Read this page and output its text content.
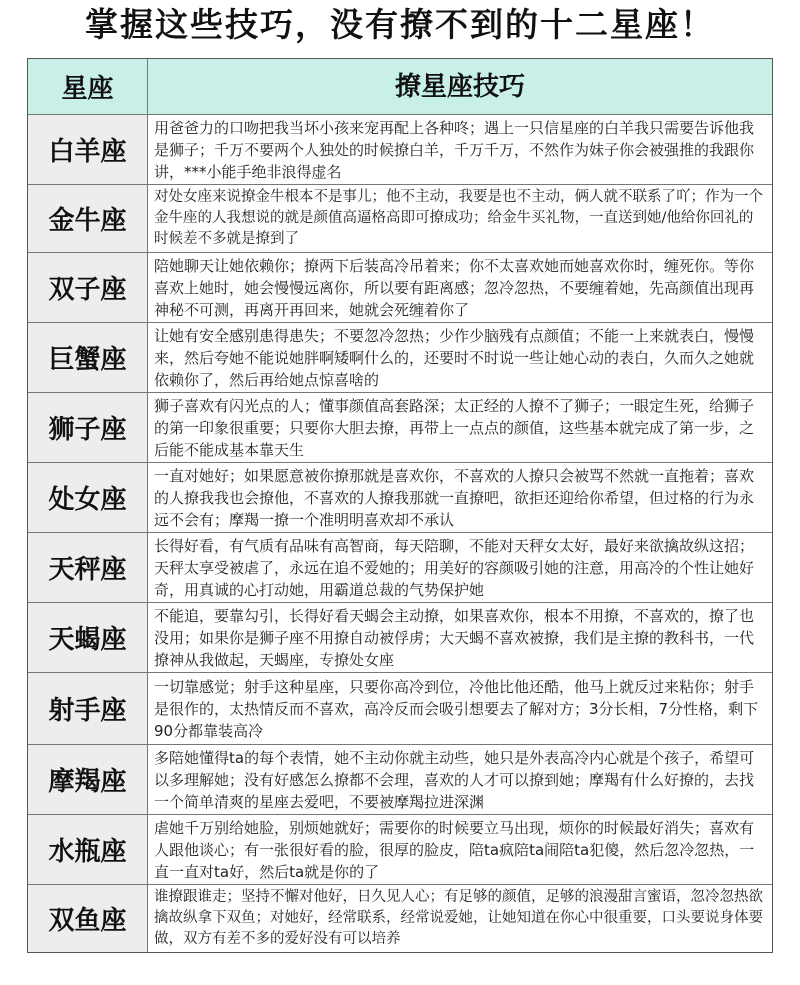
掌握这些技巧，没有撩不到的十二星座！
星座	撩星座技巧
白羊座
用爸爸力的口吻把我当坏小孩来宠再配上各种咚；遇上一只信星座的白羊我只需要告诉他我是狮子；千万不要两个人独处的时候撩白羊，千万千万，不然作为妹子你会被强推的我跟你讲，***小能手绝非浪得虚名
金牛座
对处女座来说撩金牛根本不是事儿；他不主动，我要是也不主动，俩人就不联系了吖；作为一个金牛座的人我想说的就是颜值高逼格高即可撩成功；给金牛买礼物，一直送到她/他给你回礼的时候差不多就是撩到了
双子座
陪她聊天让她依赖你；撩两下后装高冷吊着来；你不太喜欢她而她喜欢你时，缠死你。等你喜欢上她时，她会慢慢远离你，所以要有距离感；忽冷忽热，不要缠着她，先高颜值出现再神秘不可测，再离开再回来，她就会死缠着你了
巨蟹座
让她有安全感别患得患失；不要忽冷忽热；少作少脑残有点颜值；不能一上来就表白，慢慢来，然后夸她不能说她胖啊矮啊什么的，还要时不时说一些让她心动的表白，久而久之她就依赖你了，然后再给她点惊喜啥的
狮子座
狮子喜欢有闪光点的人；懂事颜值高套路深；太正经的人撩不了狮子；一眼定生死，给狮子的第一印象很重要；只要你大胆去撩，再带上一点点的颜值，这些基本就完成了第一步，之后能不能成基本靠天生
处女座
一直对她好；如果愿意被你撩那就是喜欢你，不喜欢的人撩只会被骂不然就一直拖着；喜欢的人撩我我也会撩他，不喜欢的人撩我那就一直撩吧，欲拒还迎给你希望，但过格的行为永远不会有；摩羯一撩一个准明明喜欢却不承认
天秤座
长得好看，有气质有品味有高智商，每天陪聊，不能对天秤女太好，最好来欲擒故纵这招；天秤太享受被虐了，永远在追不爱她的；用美好的容颜吸引她的注意，用高冷的个性让她好奇，用真诚的心打动她，用霸道总裁的气势保护她
天蝎座
不能追，要靠勾引，长得好看天蝎会主动撩，如果喜欢你，根本不用撩，不喜欢的，撩了也没用；如果你是狮子座不用撩自动被俘虏；大天蝎不喜欢被撩，我们是主撩的教科书，一代撩神从我做起，天蝎座，专撩处女座
射手座
一切靠感觉；射手这种星座，只要你高冷到位，冷他比他还酷，他马上就反过来粘你；射手是很作的，太热情反而不喜欢，高冷反而会吸引想要去了解对方；3分长相，7分性格，剩下90分都靠装高冷
摩羯座
多陪她懂得ta的每个表情，她不主动你就主动些，她只是外表高冷内心就是个孩子，希望可以多理解她；没有好感怎么撩都不会理，喜欢的人才可以撩到她；摩羯有什么好撩的，去找一个简单清爽的星座去爱吧，不要被摩羯拉进深渊
水瓶座
虐她千万别给她脸，别烦她就好；需要你的时候要立马出现，烦你的时候最好消失；喜欢有人跟他谈心；有一张很好看的脸，很厚的脸皮，陪ta疯陪ta闹陪ta犯傻，然后忽冷忽热，一直一直对ta好，然后ta就是你的了
双鱼座
谁撩跟谁走；坚持不懈对他好，日久见人心；有足够的颜值，足够的浪漫甜言蜜语，忽冷忽热欲擒故纵拿下双鱼；对她好，经常联系，经常说爱她，让她知道在你心中很重要，口头要说身体要做，双方有差不多的爱好没有可以培养
